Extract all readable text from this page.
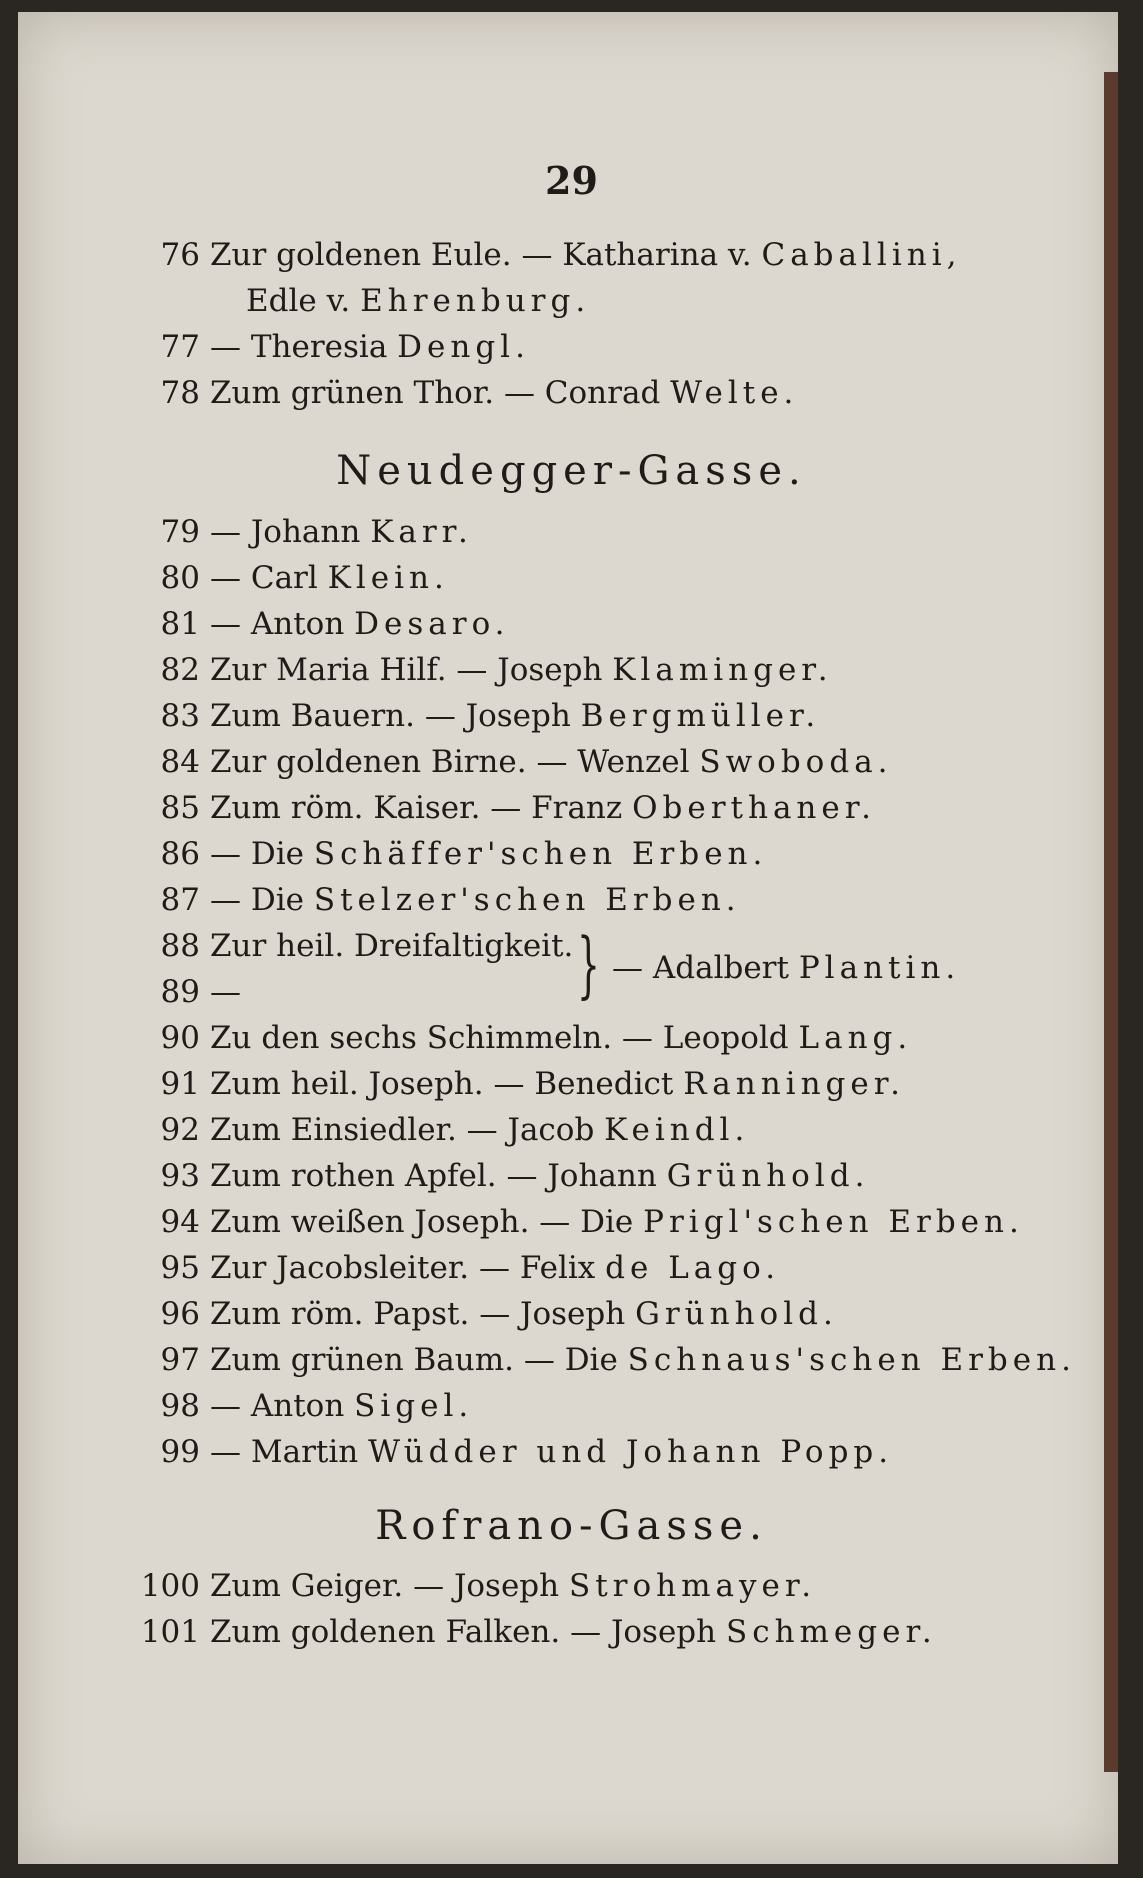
29
76 Zur goldenen Eule. — Katharina v. Caballini,
Edle v. Ehrenburg.
77 — Theresia Dengl.
78 Zum grünen Thor. — Conrad Welte.
Neudegger-Gasse.
79 — Johann Karr.
80 — Carl Klein.
81 — Anton Desaro.
82 Zur Maria Hilf. — Joseph Klaminger.
83 Zum Bauern. — Joseph Bergmüller.
84 Zur goldenen Birne. — Wenzel Swoboda.
85 Zum röm. Kaiser. — Franz Oberthaner.
86 — Die Schäffer'schen Erben.
87 — Die Stelzer'schen Erben.
88 Zur heil. Dreifaltigkeit.
89 —	} — Adalbert Plantin.
90 Zu den sechs Schimmeln. — Leopold Lang.
91 Zum heil. Joseph. — Benedict Ranninger.
92 Zum Einsiedler. — Jacob Keindl.
93 Zum rothen Apfel. — Johann Grünhold.
94 Zum weißen Joseph. — Die Prigl'schen Erben.
95 Zur Jacobsleiter. — Felix de Lago.
96 Zum röm. Papst. — Joseph Grünhold.
97 Zum grünen Baum. — Die Schnaus'schen Erben.
98 — Anton Sigel.
99 — Martin Wüdder und Johann Popp.
Rofrano-Gasse.
100 Zum Geiger. — Joseph Strohmayer.
101 Zum goldenen Falken. — Joseph Schmeger.
